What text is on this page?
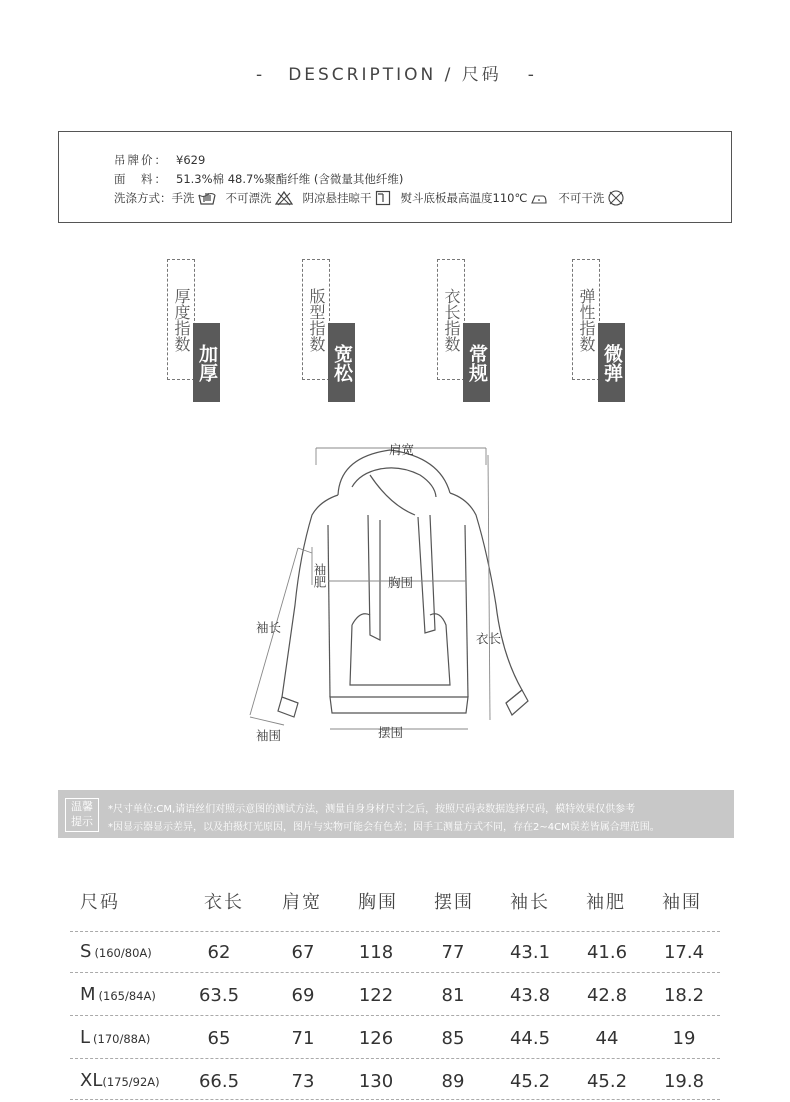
- DESCRIPTION / 尺码 -
吊牌价： ¥629
面　料： 51.3%棉 48.7%聚酯纤维 (含微量其他纤维)
洗涤方式： 手洗	不可漂洗	阴凉悬挂晾干	熨斗底板最高温度110℃	不可干洗
厚度指数
加厚
版型指数
宽松
衣长指数
常规
弹性指数
微弹
肩宽
袖肥	胸围
袖长
衣长
袖围	摆围
温馨
提示
*尺寸单位:CM,请语丝们对照示意图的测试方法，测量自身身材尺寸之后，按照尺码表数据选择尺码，模特效果仅供参考
*因显示器显示差异，以及拍摄灯光原因，图片与实物可能会有色差；因手工测量方式不同，存在2~4CM误差皆属合理范围。
尺码	衣长 肩宽 胸围 摆围 袖长 袖肥 袖围
S (160/80A)	62	67	118	77	43.1	41.6	17.4
M (165/84A)	63.5	69	122	81	43.8	42.8	18.2
L (170/88A)	65	71	126	85	44.5	44	19
XL(175/92A)	66.5	73	130	89	45.2	45.2	19.8
